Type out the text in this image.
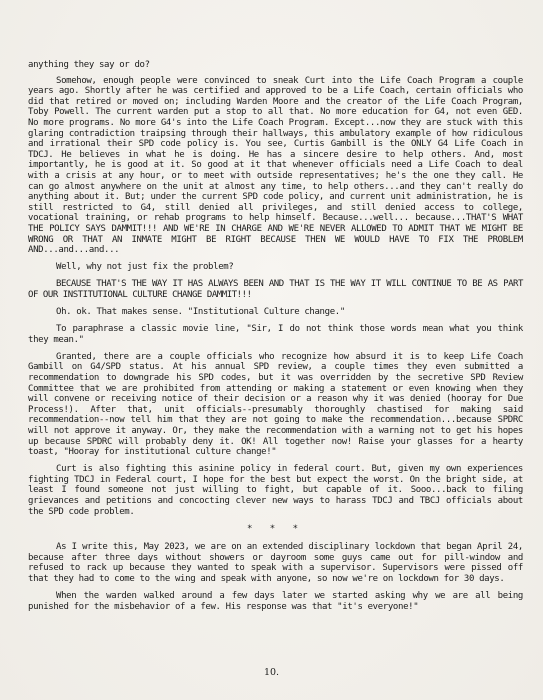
anything they say or do?

Somehow, enough people were convinced to sneak Curt into the Life Coach Program a couple years ago. Shortly after he was certified and approved to be a Life Coach, certain officials who did that retired or moved on; including Warden Moore and the creator of the Life Coach Program, Toby Powell. The current warden put a stop to all that. No more education for G4, not even GED. No more programs. No more G4's into the Life Coach Program. Except...now they are stuck with this glaring contradiction traipsing through their hallways, this ambulatory example of how ridiculous and irrational their SPD code policy is. You see, Curtis Gambill is the ONLY G4 Life Coach in TDCJ. He believes in what he is doing. He has a sincere desire to help others. And, most importantly, he is good at it. So good at it that whenever officials need a Life Coach to deal with a crisis at any hour, or to meet with outside representatives; he's the one they call. He can go almost anywhere on the unit at almost any time, to help others...and they can't really do anything about it. But; under the current SPD code policy, and current unit administration, he is still restricted to G4, still denied all privileges, and still denied access to college, vocational training, or rehab programs to help himself. Because...well... because...THAT'S WHAT THE POLICY SAYS DAMMIT!!! AND WE'RE IN CHARGE AND WE'RE NEVER ALLOWED TO ADMIT THAT WE MIGHT BE WRONG OR THAT AN INMATE MIGHT BE RIGHT BECAUSE THEN WE WOULD HAVE TO FIX THE PROBLEM AND...and...and...

Well, why not just fix the problem?

BECAUSE THAT'S THE WAY IT HAS ALWAYS BEEN AND THAT IS THE WAY IT WILL CONTINUE TO BE AS PART OF OUR INSTITUTIONAL CULTURE CHANGE DAMMIT!!!

Oh. ok. That makes sense. "Institutional Culture change."

To paraphrase a classic movie line, "Sir, I do not think those words mean what you think they mean."

Granted, there are a couple officials who recognize how absurd it is to keep Life Coach Gambill on G4/SPD status. At his annual SPD review, a couple times they even submitted a recommendation to downgrade his SPD codes, but it was overridden by the secretive SPD Review Committee that we are prohibited from attending or making a statement or even knowing when they will convene or receiving notice of their decision or a reason why it was denied (hooray for Due Process!). After that, unit officials--presumably thoroughly chastised for making said recommendation--now tell him that they are not going to make the recommendation...because SPDRC will not approve it anyway. Or, they make the recommendation with a warning not to get his hopes up because SPDRC will probably deny it. OK! All together now! Raise your glasses for a hearty toast, "Hooray for institutional culture change!"

Curt is also fighting this asinine policy in federal court. But, given my own experiences fighting TDCJ in Federal court, I hope for the best but expect the worst. On the bright side, at least I found someone not just willing to fight, but capable of it. Sooo...back to filing grievances and petitions and concocting clever new ways to harass TDCJ and TBCJ officials about the SPD code problem.

* * *

As I write this, May 2023, we are on an extended disciplinary lockdown that began April 24, because after three days without showers or dayroom some guys came out for pill-window and refused to rack up because they wanted to speak with a supervisor. Supervisors were pissed off that they had to come to the wing and speak with anyone, so now we're on lockdown for 30 days.

When the warden walked around a few days later we started asking why we are all being punished for the misbehavior of a few. His response was that "it's everyone!"

10.
